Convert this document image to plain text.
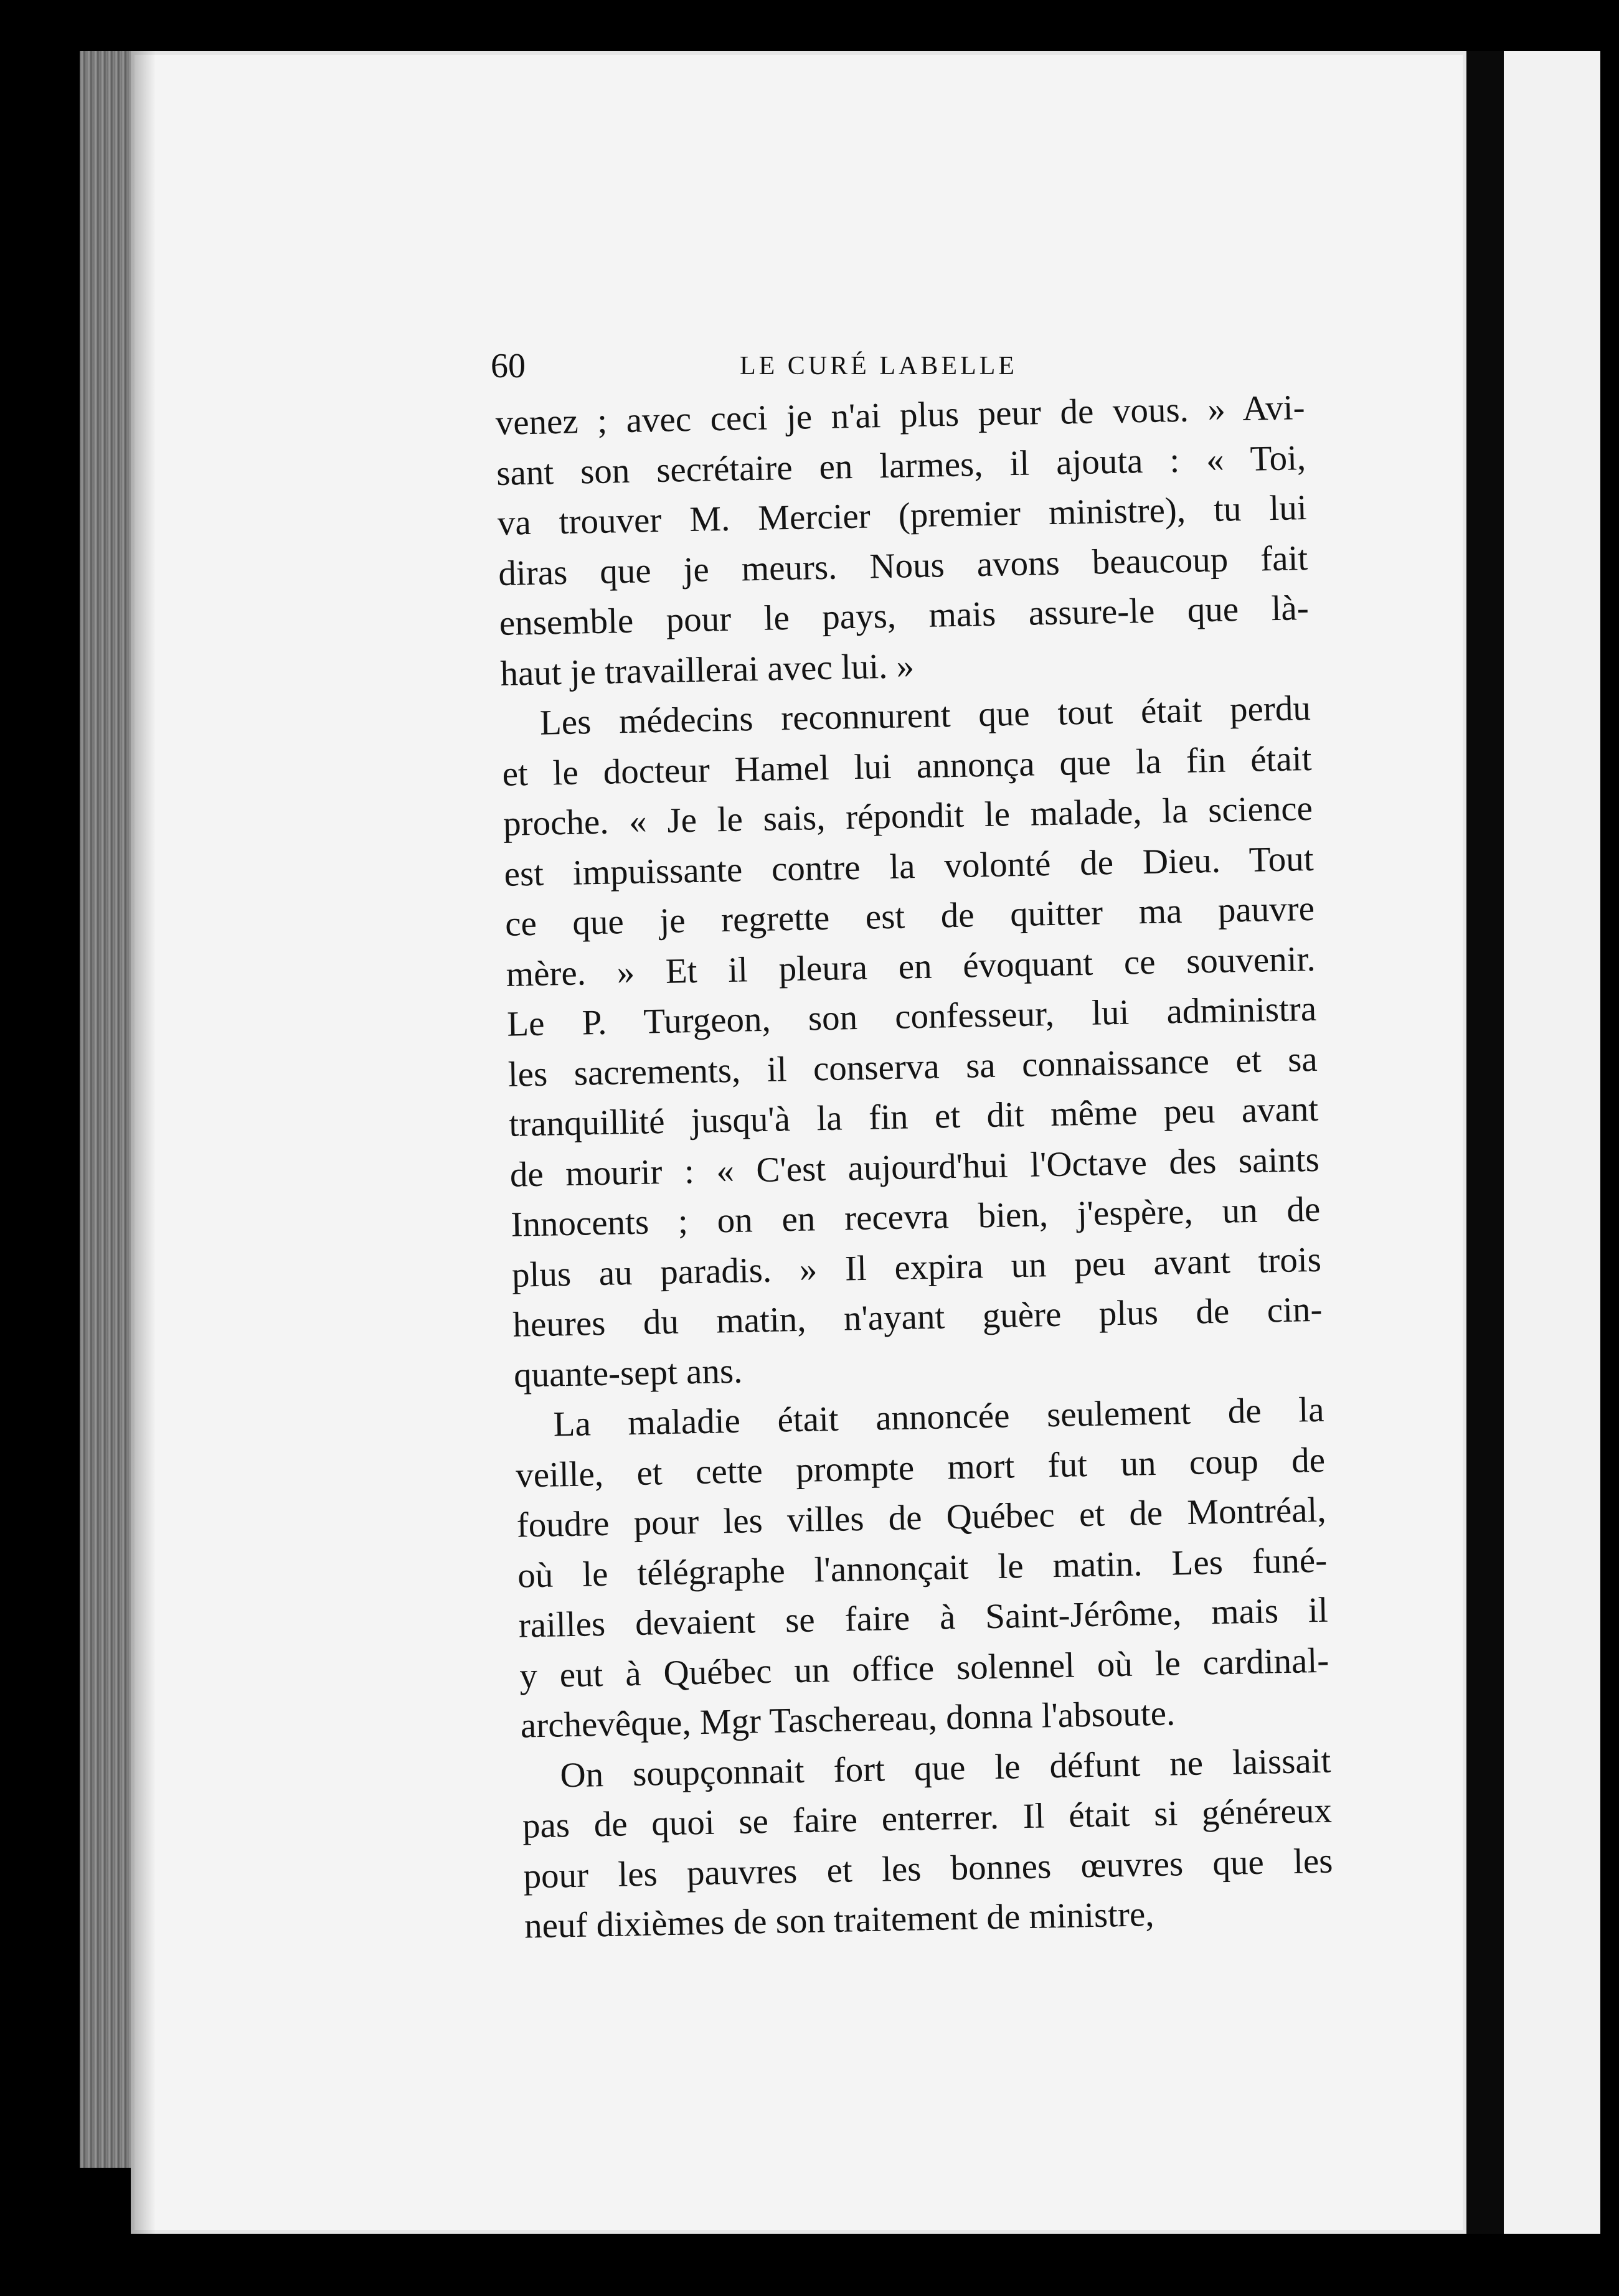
60	LE CURÉ LABELLE
venez ; avec ceci je n'ai plus peur de vous. » Avi-
sant son secrétaire en larmes, il ajouta : « Toi,
va trouver M. Mercier (premier ministre), tu lui
diras que je meurs. Nous avons beaucoup fait
ensemble pour le pays, mais assure-le que là-
haut je travaillerai avec lui. »
Les médecins reconnurent que tout était perdu
et le docteur Hamel lui annonça que la fin était
proche. « Je le sais, répondit le malade, la science
est impuissante contre la volonté de Dieu. Tout
ce que je regrette est de quitter ma pauvre
mère. » Et il pleura en évoquant ce souvenir.
Le P. Turgeon, son confesseur, lui administra
les sacrements, il conserva sa connaissance et sa
tranquillité jusqu'à la fin et dit même peu avant
de mourir : « C'est aujourd'hui l'Octave des saints
Innocents ; on en recevra bien, j'espère, un de
plus au paradis. » Il expira un peu avant trois
heures du matin, n'ayant guère plus de cin-
quante-sept ans.
La maladie était annoncée seulement de la
veille, et cette prompte mort fut un coup de
foudre pour les villes de Québec et de Montréal,
où le télégraphe l'annonçait le matin. Les funé-
railles devaient se faire à Saint-Jérôme, mais il
y eut à Québec un office solennel où le cardinal-
archevêque, Mgr Taschereau, donna l'absoute.
On soupçonnait fort que le défunt ne laissait
pas de quoi se faire enterrer. Il était si généreux
pour les pauvres et les bonnes œuvres que les
neuf dixièmes de son traitement de ministre,
